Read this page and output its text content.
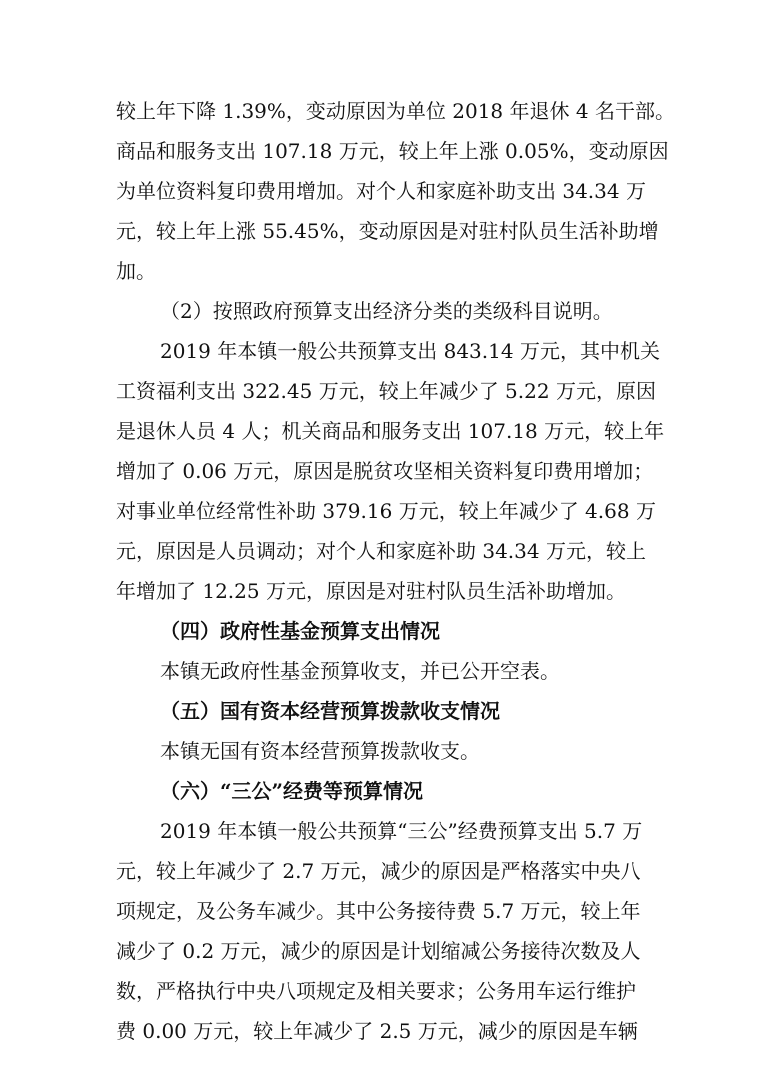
较上年下降 1.39%，变动原因为单位 2018 年退休 4 名干部。
商品和服务支出 107.18 万元，较上年上涨 0.05%，变动原因
为单位资料复印费用增加。对个人和家庭补助支出 34.34 万
元，较上年上涨 55.45%，变动原因是对驻村队员生活补助增
加。
（2）按照政府预算支出经济分类的类级科目说明。
2019 年本镇一般公共预算支出 843.14 万元，其中机关
工资福利支出 322.45 万元，较上年减少了 5.22 万元，原因
是退休人员 4 人；机关商品和服务支出 107.18 万元，较上年
增加了 0.06 万元，原因是脱贫攻坚相关资料复印费用增加；
对事业单位经常性补助 379.16 万元，较上年减少了 4.68 万
元，原因是人员调动；对个人和家庭补助 34.34 万元，较上
年增加了 12.25 万元，原因是对驻村队员生活补助增加。
（四）政府性基金预算支出情况
本镇无政府性基金预算收支，并已公开空表。
（五）国有资本经营预算拨款收支情况
本镇无国有资本经营预算拨款收支。
（六）“三公”经费等预算情况
2019 年本镇一般公共预算“三公”经费预算支出 5.7 万
元，较上年减少了 2.7 万元，减少的原因是严格落实中央八
项规定，及公务车减少。其中公务接待费 5.7 万元，较上年
减少了 0.2 万元，减少的原因是计划缩减公务接待次数及人
数，严格执行中央八项规定及相关要求；公务用车运行维护
费 0.00 万元，较上年减少了 2.5 万元，减少的原因是车辆
